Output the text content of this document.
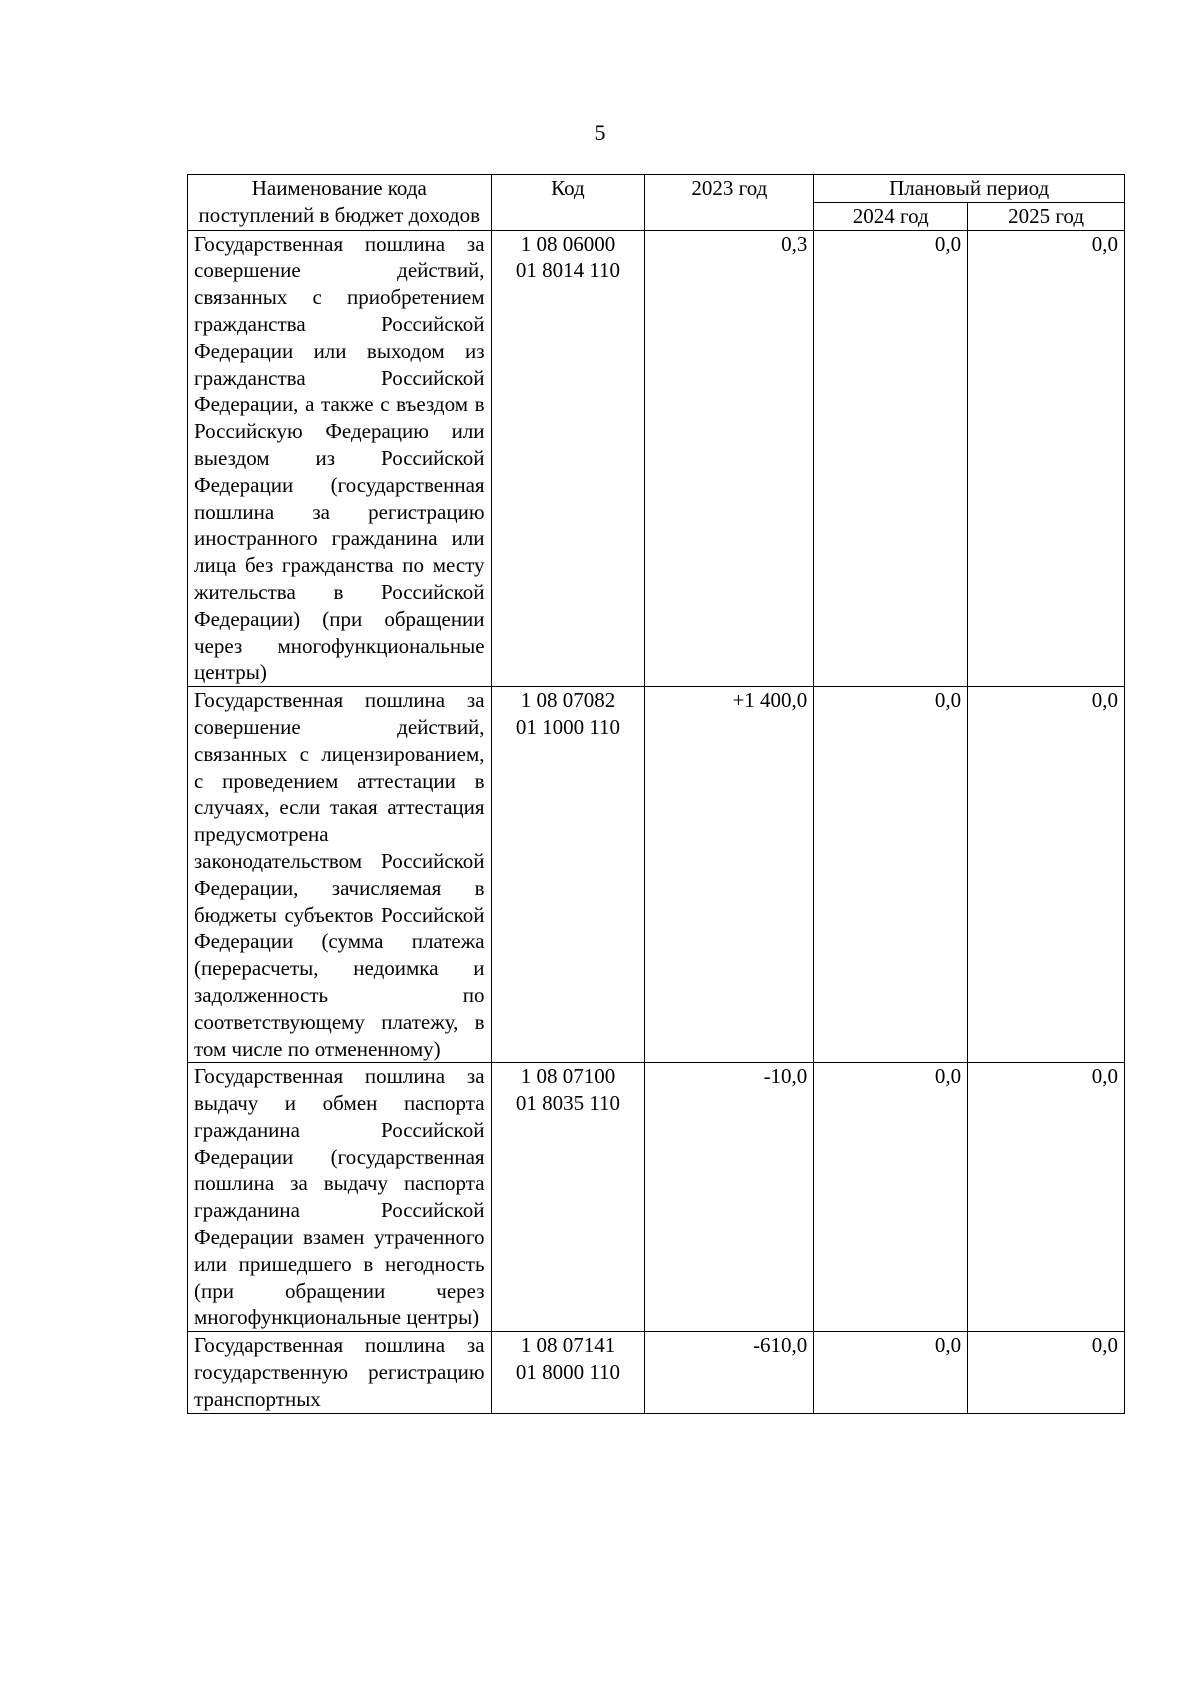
5
Наименование кода поступлений в бюджет доходов	Код	2023 год	Плановый период	
			2024 год	2025 год
Государственная пошлина за совершение действий, связанных с приобретением гражданства Российской Федерации или выходом из гражданства Российской Федерации, а также с въездом в Российскую Федерацию или выездом из Российской Федерации (государственная пошлина за регистрацию иностранного гражданина или лица без гражданства по месту жительства в Российской Федерации) (при обращении через многофункциональные центры)	1 08 06000
01 8014 110	0,3	0,0	0,0
Государственная пошлина за совершение действий, связанных с лицензированием, с проведением аттестации в случаях, если такая аттестация предусмотрена законодательством Российской Федерации, зачисляемая в бюджеты субъектов Российской Федерации (сумма платежа (перерасчеты, недоимка и задолженность по соответствующему платежу, в том числе по отмененному)	1 08 07082
01 1000 110	+1 400,0	0,0	0,0
Государственная пошлина за выдачу и обмен паспорта гражданина Российской Федерации (государственная пошлина за выдачу паспорта гражданина Российской Федерации взамен утраченного или пришедшего в негодность (при обращении через многофункциональные центры)	1 08 07100
01 8035 110	-10,0	0,0	0,0
Государственная пошлина за государственную регистрацию транспортных	1 08 07141
01 8000 110	-610,0	0,0	0,0
